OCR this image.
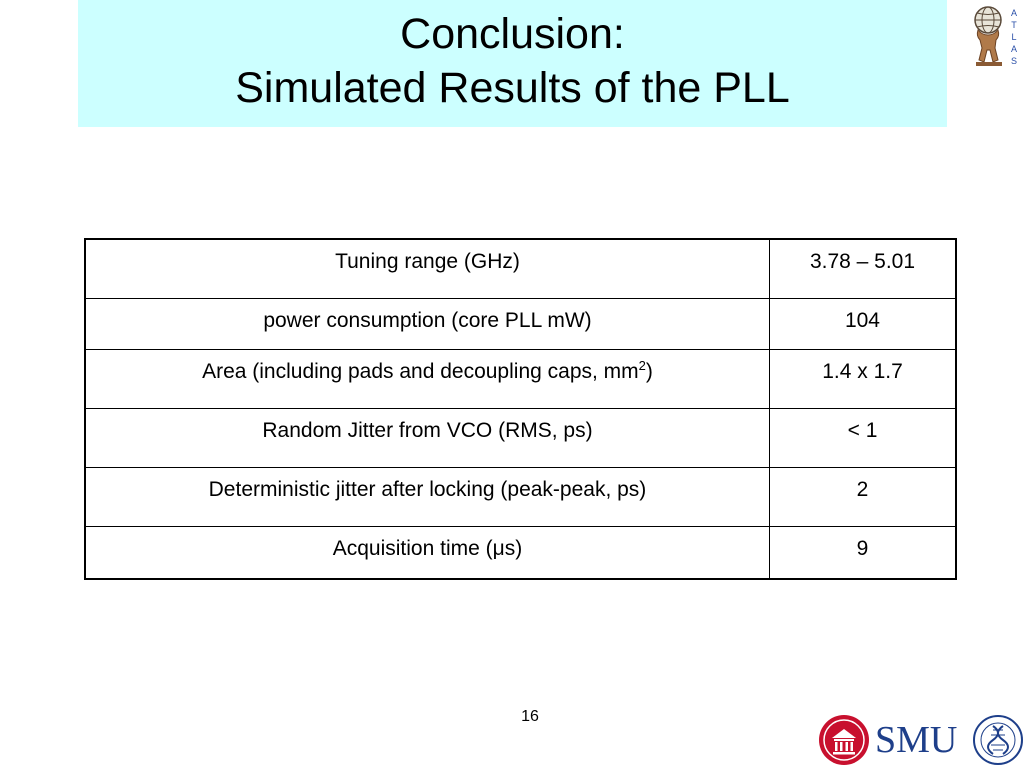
Conclusion:
Simulated Results of the PLL
A
T
L
A
S
Tuning range (GHz)	3.78 – 5.01
power consumption (core PLL mW)	104
Area (including pads and decoupling caps, $mm^2$)	1.4 x 1.7
Random Jitter from VCO (RMS, ps)	< 1
Deterministic jitter after locking (peak-peak, ps)	2
Acquisition time (μs)	9
16
SMU
